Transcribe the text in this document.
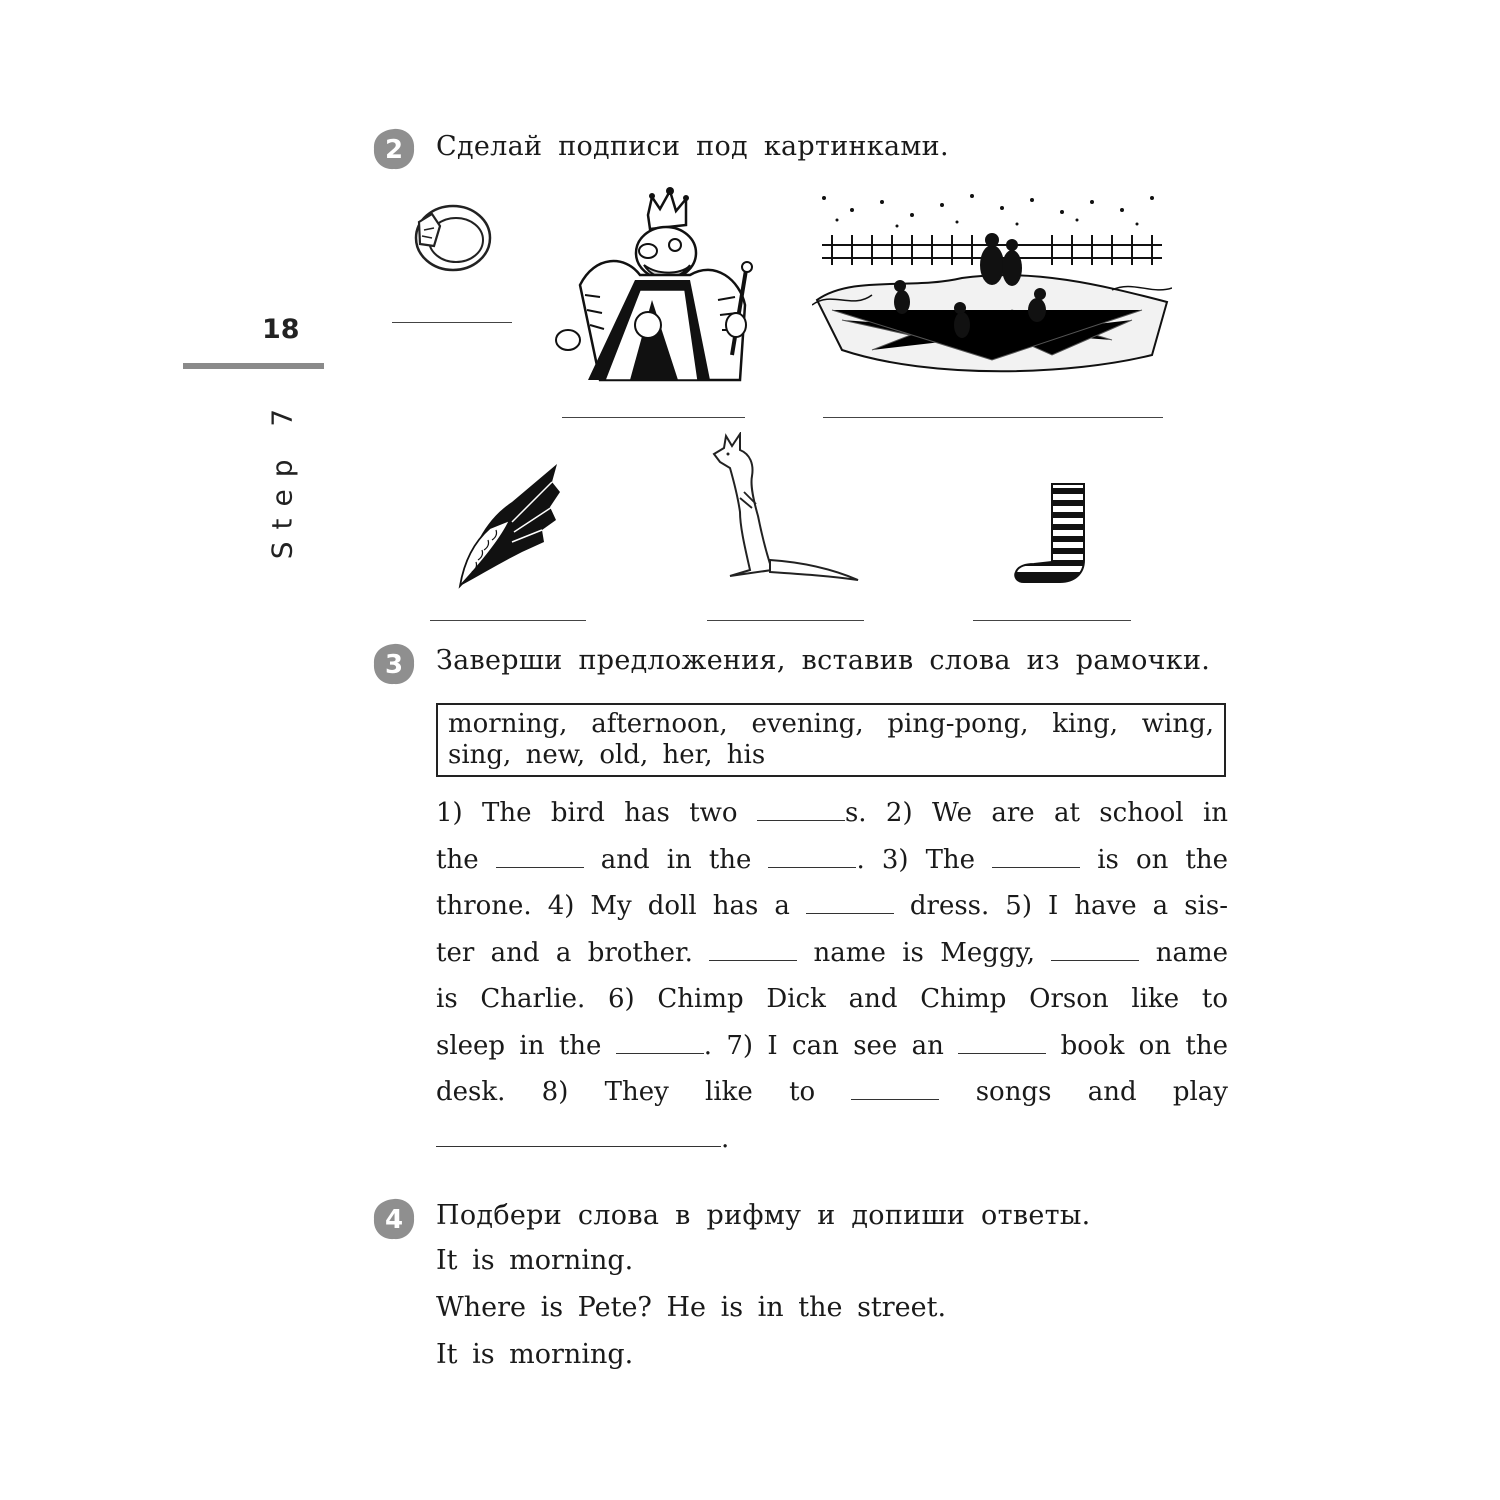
18
Step 7
2 Сделай подписи под картинками.
3 Заверши предложения, вставив слова из рамочки.
morning, afternoon, evening, ping-pong, king, wing,
sing, new, old, her, his
1) The bird has two	s. 2) We are at school in the	and in the	. 3) The	is on the throne. 4) My doll has a	dress. 5) I have a sister and a brother.	name is Meggy,	name is Charlie. 6) Chimp Dick and Chimp Orson like to sleep in the	. 7) I can see an	book on the desk. 8) They like to	songs and play .
4 Подбери слова в рифму и допиши ответы.
It is morning.
Where is Pete? He is in the street.
It is morning.
